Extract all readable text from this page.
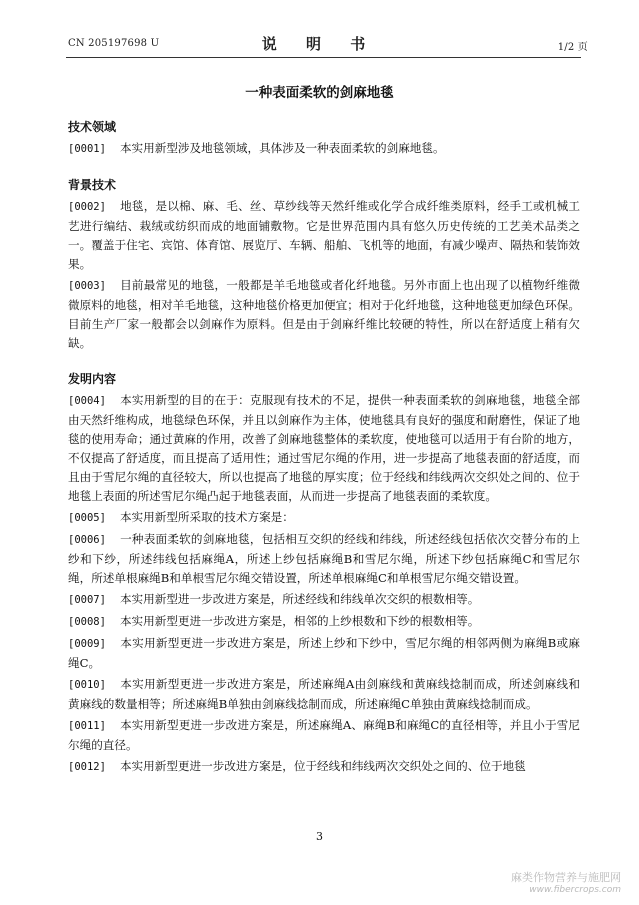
CN 205197698 U	说 明 书	1/2 页
一种表面柔软的剑麻地毯

技术领域

[0001] 本实用新型涉及地毯领域，具体涉及一种表面柔软的剑麻地毯。

背景技术

[0002] 地毯，是以棉、麻、毛、丝、草纱线等天然纤维或化学合成纤维类原料，经手工或机械工艺进行编结、栽绒或纺织而成的地面铺敷物。它是世界范围内具有悠久历史传统的工艺美术品类之一。覆盖于住宅、宾馆、体育馆、展览厅、车辆、船舶、飞机等的地面，有减少噪声、隔热和装饰效果。

[0003] 目前最常见的地毯，一般都是羊毛地毯或者化纤地毯。另外市面上也出现了以植物纤维微微原料的地毯，相对羊毛地毯，这种地毯价格更加便宜；相对于化纤地毯，这种地毯更加绿色环保。目前生产厂家一般都会以剑麻作为原料。但是由于剑麻纤维比较硬的特性，所以在舒适度上稍有欠缺。

发明内容

[0004] 本实用新型的目的在于：克服现有技术的不足，提供一种表面柔软的剑麻地毯，地毯全部由天然纤维构成，地毯绿色环保，并且以剑麻作为主体，使地毯具有良好的强度和耐磨性，保证了地毯的使用寿命；通过黄麻的作用，改善了剑麻地毯整体的柔软度，使地毯可以适用于有台阶的地方，不仅提高了舒适度，而且提高了适用性；通过雪尼尔绳的作用，进一步提高了地毯表面的舒适度，而且由于雪尼尔绳的直径较大，所以也提高了地毯的厚实度；位于经线和纬线两次交织处之间的、位于地毯上表面的所述雪尼尔绳凸起于地毯表面，从而进一步提高了地毯表面的柔软度。

[0005] 本实用新型所采取的技术方案是：

[0006] 一种表面柔软的剑麻地毯，包括相互交织的经线和纬线，所述经线包括依次交替分布的上纱和下纱，所述纬线包括麻绳A，所述上纱包括麻绳B和雪尼尔绳，所述下纱包括麻绳C和雪尼尔绳，所述单根麻绳B和单根雪尼尔绳交错设置，所述单根麻绳C和单根雪尼尔绳交错设置。

[0007] 本实用新型进一步改进方案是，所述经线和纬线单次交织的根数相等。

[0008] 本实用新型更进一步改进方案是，相邻的上纱根数和下纱的根数相等。

[0009] 本实用新型更进一步改进方案是，所述上纱和下纱中，雪尼尔绳的相邻两侧为麻绳B或麻绳C。

[0010] 本实用新型更进一步改进方案是，所述麻绳A由剑麻线和黄麻线捻制而成，所述剑麻线和黄麻线的数量相等；所述麻绳B单独由剑麻线捻制而成，所述麻绳C单独由黄麻线捻制而成。

[0011] 本实用新型更进一步改进方案是，所述麻绳A、麻绳B和麻绳C的直径相等，并且小于雪尼尔绳的直径。

[0012] 本实用新型更进一步改进方案是，位于经线和纬线两次交织处之间的、位于地毯

3
麻类作物营养与施肥网
www.fibercrops.com
